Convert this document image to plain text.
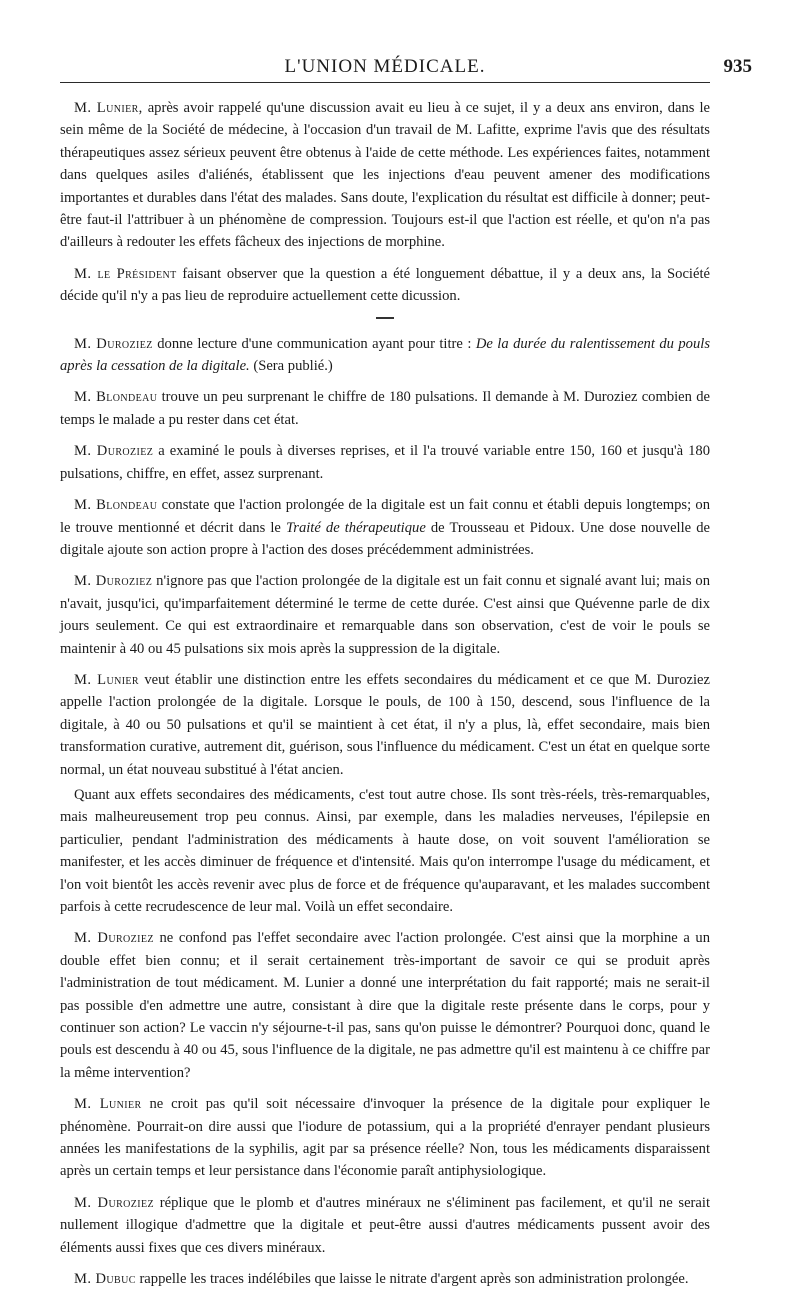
L'UNION MÉDICALE.	935

M. Lunier, après avoir rappelé qu'une discussion avait eu lieu à ce sujet, il y a deux ans environ, dans le sein même de la Société de médecine, à l'occasion d'un travail de M. Lafitte, exprime l'avis que des résultats thérapeutiques assez sérieux peuvent être obtenus à l'aide de cette méthode. Les expériences faites, notamment dans quelques asiles d'aliénés, établissent que les injections d'eau peuvent amener des modifications importantes et durables dans l'état des malades. Sans doute, l'explication du résultat est difficile à donner; peut-être faut-il l'attribuer à un phénomène de compression. Toujours est-il que l'action est réelle, et qu'on n'a pas d'ailleurs à redouter les effets fâcheux des injections de morphine.

M. le Président faisant observer que la question a été longuement débattue, il y a deux ans, la Société décide qu'il n'y a pas lieu de reproduire actuellement cette dicussion.

M. Duroziez donne lecture d'une communication ayant pour titre : De la durée du ralentissement du pouls après la cessation de la digitale. (Sera publié.)

M. Blondeau trouve un peu surprenant le chiffre de 180 pulsations. Il demande à M. Duroziez combien de temps le malade a pu rester dans cet état.

M. Duroziez a examiné le pouls à diverses reprises, et il l'a trouvé variable entre 150, 160 et jusqu'à 180 pulsations, chiffre, en effet, assez surprenant.

M. Blondeau constate que l'action prolongée de la digitale est un fait connu et établi depuis longtemps; on le trouve mentionné et décrit dans le Traité de thérapeutique de Trousseau et Pidoux. Une dose nouvelle de digitale ajoute son action propre à l'action des doses précédemment administrées.

M. Duroziez n'ignore pas que l'action prolongée de la digitale est un fait connu et signalé avant lui; mais on n'avait, jusqu'ici, qu'imparfaitement déterminé le terme de cette durée. C'est ainsi que Quévenne parle de dix jours seulement. Ce qui est extraordinaire et remarquable dans son observation, c'est de voir le pouls se maintenir à 40 ou 45 pulsations six mois après la suppression de la digitale.

M. Lunier veut établir une distinction entre les effets secondaires du médicament et ce que M. Duroziez appelle l'action prolongée de la digitale. Lorsque le pouls, de 100 à 150, descend, sous l'influence de la digitale, à 40 ou 50 pulsations et qu'il se maintient à cet état, il n'y a plus, là, effet secondaire, mais bien transformation curative, autrement dit, guérison, sous l'influence du médicament. C'est un état en quelque sorte normal, un état nouveau substitué à l'état ancien.

Quant aux effets secondaires des médicaments, c'est tout autre chose. Ils sont très-réels, très-remarquables, mais malheureusement trop peu connus. Ainsi, par exemple, dans les maladies nerveuses, l'épilepsie en particulier, pendant l'administration des médicaments à haute dose, on voit souvent l'amélioration se manifester, et les accès diminuer de fréquence et d'intensité. Mais qu'on interrompe l'usage du médicament, et l'on voit bientôt les accès revenir avec plus de force et de fréquence qu'auparavant, et les malades succombent parfois à cette recrudescence de leur mal. Voilà un effet secondaire.

M. Duroziez ne confond pas l'effet secondaire avec l'action prolongée. C'est ainsi que la morphine a un double effet bien connu; et il serait certainement très-important de savoir ce qui se produit après l'administration de tout médicament. M. Lunier a donné une interprétation du fait rapporté; mais ne serait-il pas possible d'en admettre une autre, consistant à dire que la digitale reste présente dans le corps, pour y continuer son action? Le vaccin n'y séjourne-t-il pas, sans qu'on puisse le démontrer? Pourquoi donc, quand le pouls est descendu à 40 ou 45, sous l'influence de la digitale, ne pas admettre qu'il est maintenu à ce chiffre par la même intervention?

M. Lunier ne croit pas qu'il soit nécessaire d'invoquer la présence de la digitale pour expliquer le phénomène. Pourrait-on dire aussi que l'iodure de potassium, qui a la propriété d'enrayer pendant plusieurs années les manifestations de la syphilis, agit par sa présence réelle? Non, tous les médicaments disparaissent après un certain temps et leur persistance dans l'économie paraît antiphysiologique.

M. Duroziez réplique que le plomb et d'autres minéraux ne s'éliminent pas facilement, et qu'il ne serait nullement illogique d'admettre que la digitale et peut-être aussi d'autres médicaments pussent avoir des éléments aussi fixes que ces divers minéraux.

M. Dubuc rappelle les traces indélébiles que laisse le nitrate d'argent après son administration prolongée.
